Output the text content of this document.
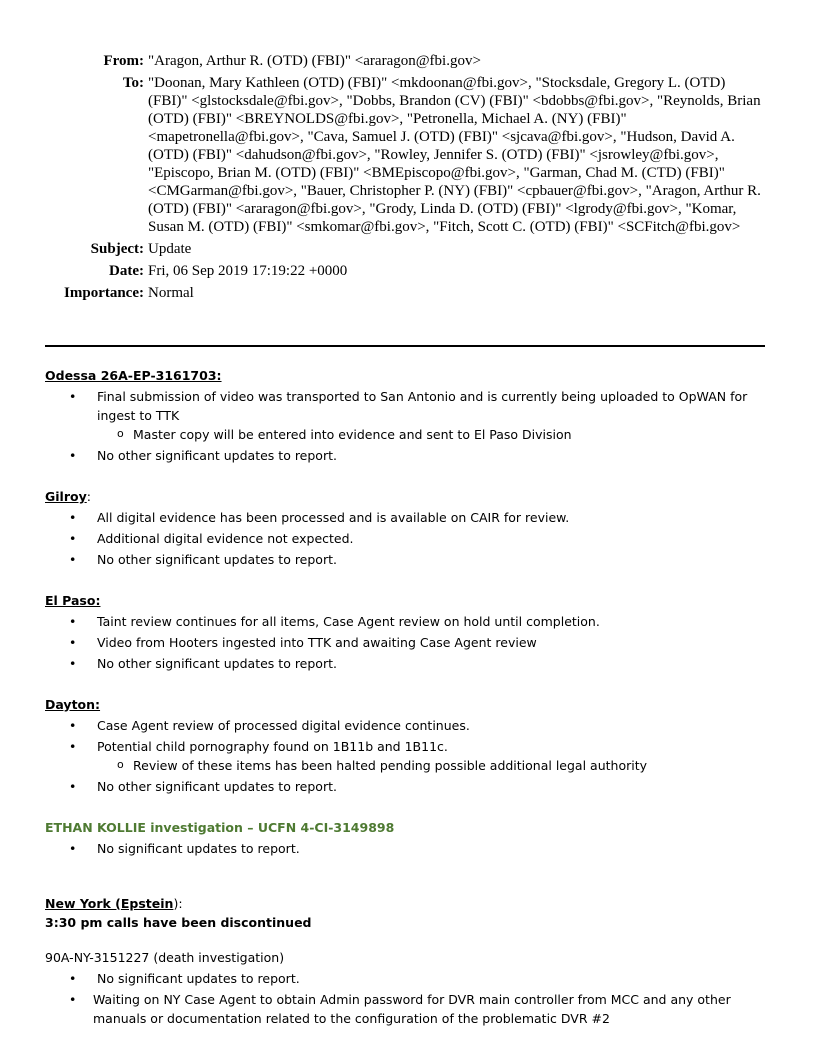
From: "Aragon, Arthur R. (OTD) (FBI)" <araragon@fbi.gov>
To: "Doonan, Mary Kathleen (OTD) (FBI)" <mkdoonan@fbi.gov>, "Stocksdale, Gregory L. (OTD) (FBI)" <glstocksdale@fbi.gov>, "Dobbs, Brandon (CV) (FBI)" <bdobbs@fbi.gov>, "Reynolds, Brian (OTD) (FBI)" <BREYNOLDS@fbi.gov>, "Petronella, Michael A. (NY) (FBI)" <mapetronella@fbi.gov>, "Cava, Samuel J. (OTD) (FBI)" <sjcava@fbi.gov>, "Hudson, David A. (OTD) (FBI)" <dahudson@fbi.gov>, "Rowley, Jennifer S. (OTD) (FBI)" <jsrowley@fbi.gov>, "Episcopo, Brian M. (OTD) (FBI)" <BMEpiscopo@fbi.gov>, "Garman, Chad M. (CTD) (FBI)" <CMGarman@fbi.gov>, "Bauer, Christopher P. (NY) (FBI)" <cpbauer@fbi.gov>, "Aragon, Arthur R. (OTD) (FBI)" <araragon@fbi.gov>, "Grody, Linda D. (OTD) (FBI)" <lgrody@fbi.gov>, "Komar, Susan M. (OTD) (FBI)" <smkomar@fbi.gov>, "Fitch, Scott C. (OTD) (FBI)" <SCFitch@fbi.gov>
Subject: Update
Date: Fri, 06 Sep 2019 17:19:22 +0000
Importance: Normal
Odessa 26A-EP-3161703:
• Final submission of video was transported to San Antonio and is currently being uploaded to OpWAN for ingest to TTK
o Master copy will be entered into evidence and sent to El Paso Division
• No other significant updates to report.
Gilroy:
• All digital evidence has been processed and is available on CAIR for review.
• Additional digital evidence not expected.
• No other significant updates to report.
El Paso:
• Taint review continues for all items, Case Agent review on hold until completion.
• Video from Hooters ingested into TTK and awaiting Case Agent review
• No other significant updates to report.
Dayton:
• Case Agent review of processed digital evidence continues.
• Potential child pornography found on 1B11b and 1B11c.
o Review of these items has been halted pending possible additional legal authority
• No other significant updates to report.
ETHAN KOLLIE investigation – UCFN 4-CI-3149898
• No significant updates to report.
New York (Epstein):
3:30 pm calls have been discontinued
90A-NY-3151227 (death investigation)
• No significant updates to report.
• Waiting on NY Case Agent to obtain Admin password for DVR main controller from MCC and any other manuals or documentation related to the configuration of the problematic DVR #2
